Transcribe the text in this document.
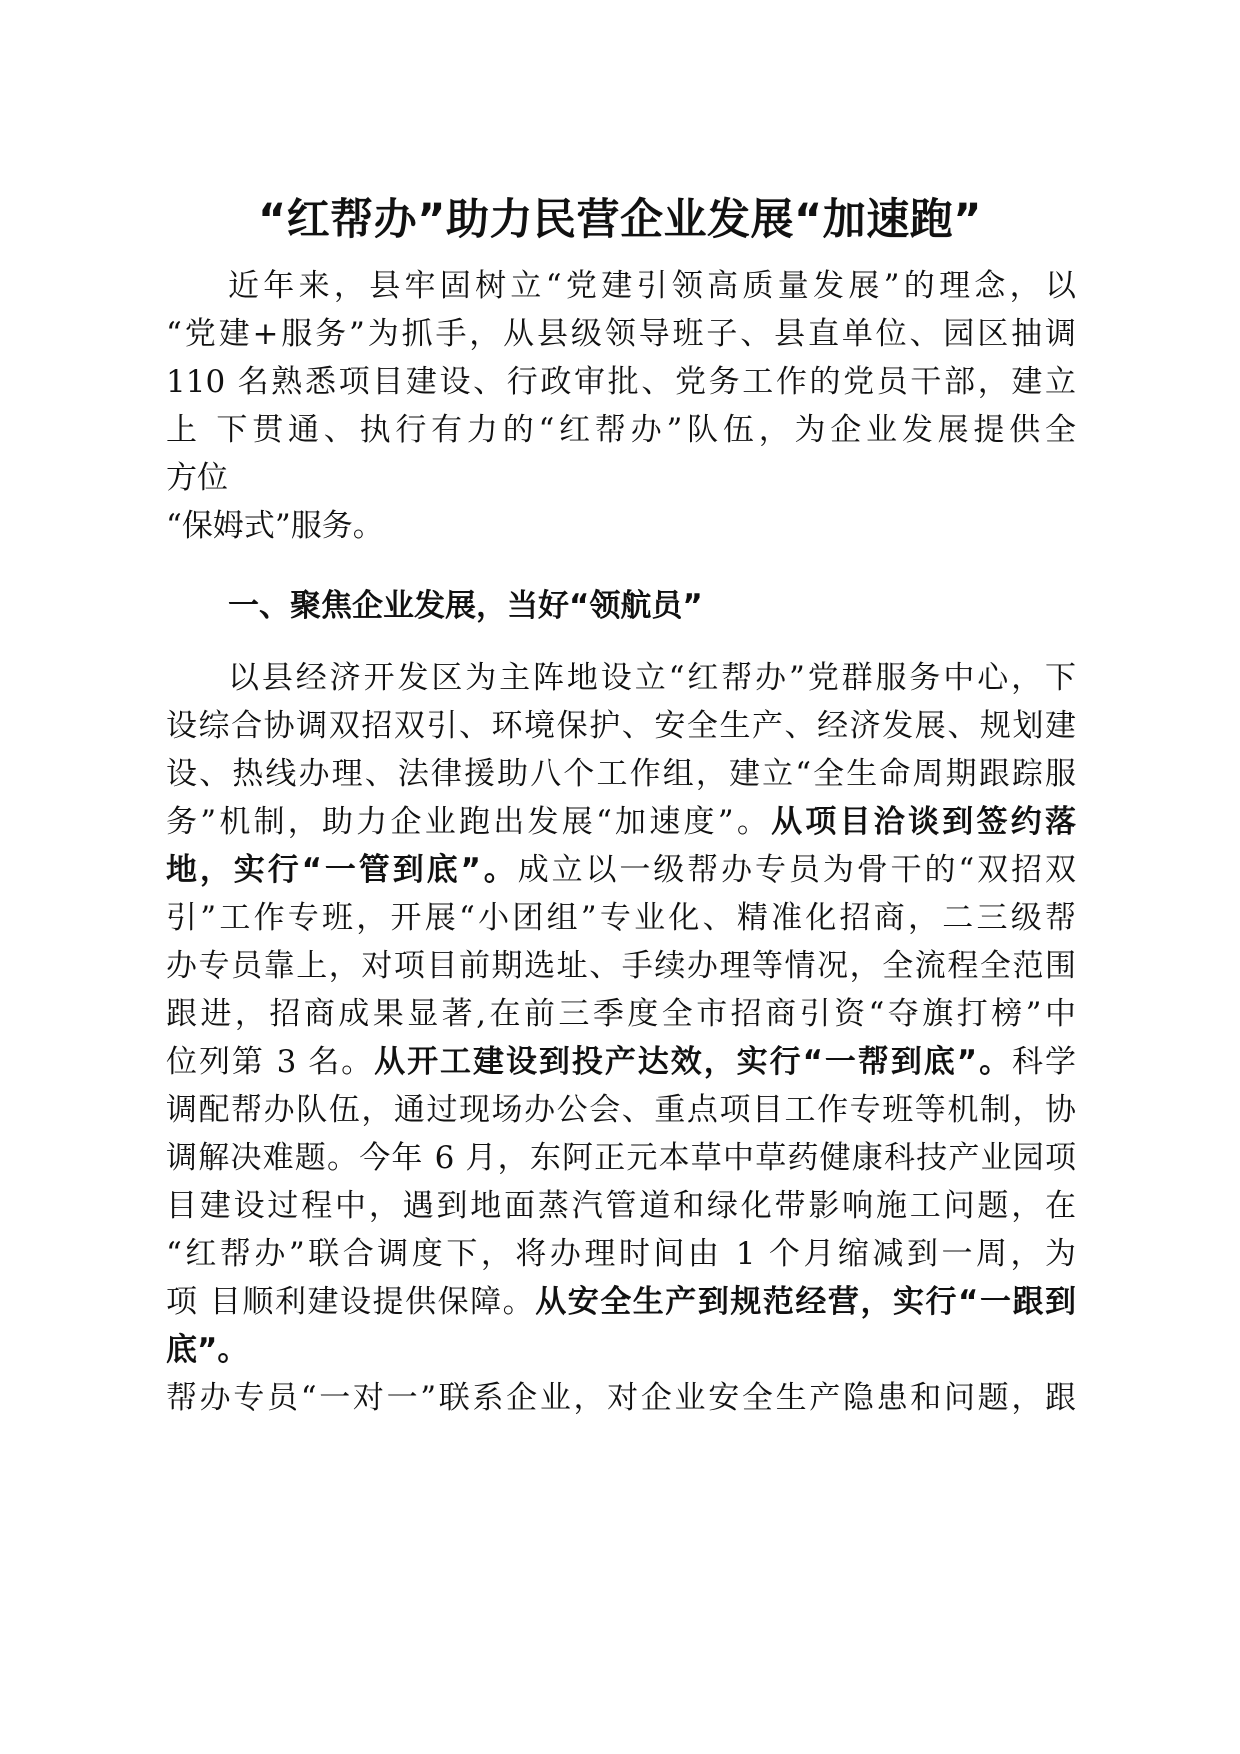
“红帮办”助力民营企业发展“加速跑”
近年来，县牢固树立“党建引领高质量发展”的理念，以
“党建+服务”为抓手，从县级领导班子、县直单位、园区抽调
110 名熟悉项目建设、行政审批、党务工作的党员干部，建立
上 下贯通、执行有力的“红帮办”队伍，为企业发展提供全
方位
“保姆式”服务。
一、聚焦企业发展，当好“领航员”
以县经济开发区为主阵地设立“红帮办”党群服务中心，下
设综合协调双招双引、环境保护、安全生产、经济发展、规划建
设、热线办理、法律援助八个工作组，建立“全生命周期跟踪服
务”机制，助力企业跑出发展“加速度”。从项目洽谈到签约落
地，实行“一管到底”。成立以一级帮办专员为骨干的“双招双
引”工作专班，开展“小团组”专业化、精准化招商，二三级帮
办专员靠上，对项目前期选址、手续办理等情况，全流程全范围
跟进，招商成果显著,在前三季度全市招商引资“夺旗打榜”中
位列第 3 名。从开工建设到投产达效，实行“一帮到底”。科学
调配帮办队伍，通过现场办公会、重点项目工作专班等机制，协
调解决难题。今年 6 月，东阿正元本草中草药健康科技产业园项
目建设过程中，遇到地面蒸汽管道和绿化带影响施工问题，在
“红帮办”联合调度下，将办理时间由 1 个月缩减到一周，为
项 目顺利建设提供保障。从安全生产到规范经营，实行“一跟到
底”。
帮办专员“一对一”联系企业，对企业安全生产隐患和问题，跟
